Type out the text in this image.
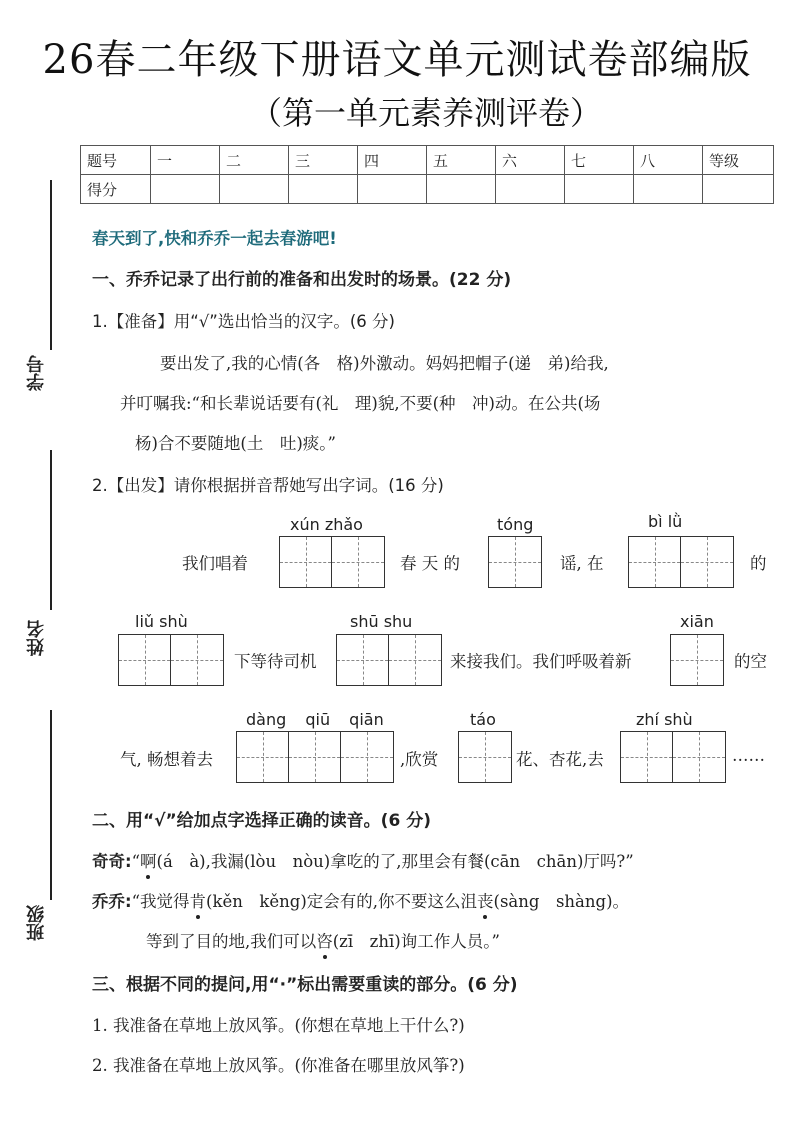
26春二年级下册语文单元测试卷部编版
（第一单元素养测评卷）
题号	一	二	三	四	五	六	七	八	等级
得分									
学号
姓名
班级
春天到了,快和乔乔一起去春游吧!
一、乔乔记录了出行前的准备和出发时的场景。(22 分)
1.【准备】用“√”选出恰当的汉字。(6 分)
要出发了,我的心情(各　格)外激动。妈妈把帽子(递　弟)给我,
并叮嘱我:“和长辈说话要有(礼　理)貌,不要(种　冲)动。在公共(场
杨)合不要随地(土　吐)痰。”
2.【出发】请你根据拼音帮她写出字词。(16 分)
xún zhǎo
我们唱着	春 天 的
tóng
谣, 在
bì lǜ
的
liǔ shù
下等待司机
shū shu
来接我们。我们呼吸着新
xiān
的空
气, 畅想着去
dàng qiū qiān
,欣赏
táo
花、杏花,去
zhí shù
……
二、用“√”给加点字选择正确的读音。(6 分)
奇奇:“啊(á　à),我漏(lòu　nòu)拿吃的了,那里会有餐(cān　chān)厅吗?”
乔乔:“我觉得肯(kěn　kěng)定会有的,你不要这么沮丧(sàng　shàng)。
等到了目的地,我们可以咨(zī　zhī)询工作人员。”
三、根据不同的提问,用“·”标出需要重读的部分。(6 分)
1. 我准备在草地上放风筝。(你想在草地上干什么?)
2. 我准备在草地上放风筝。(你准备在哪里放风筝?)
